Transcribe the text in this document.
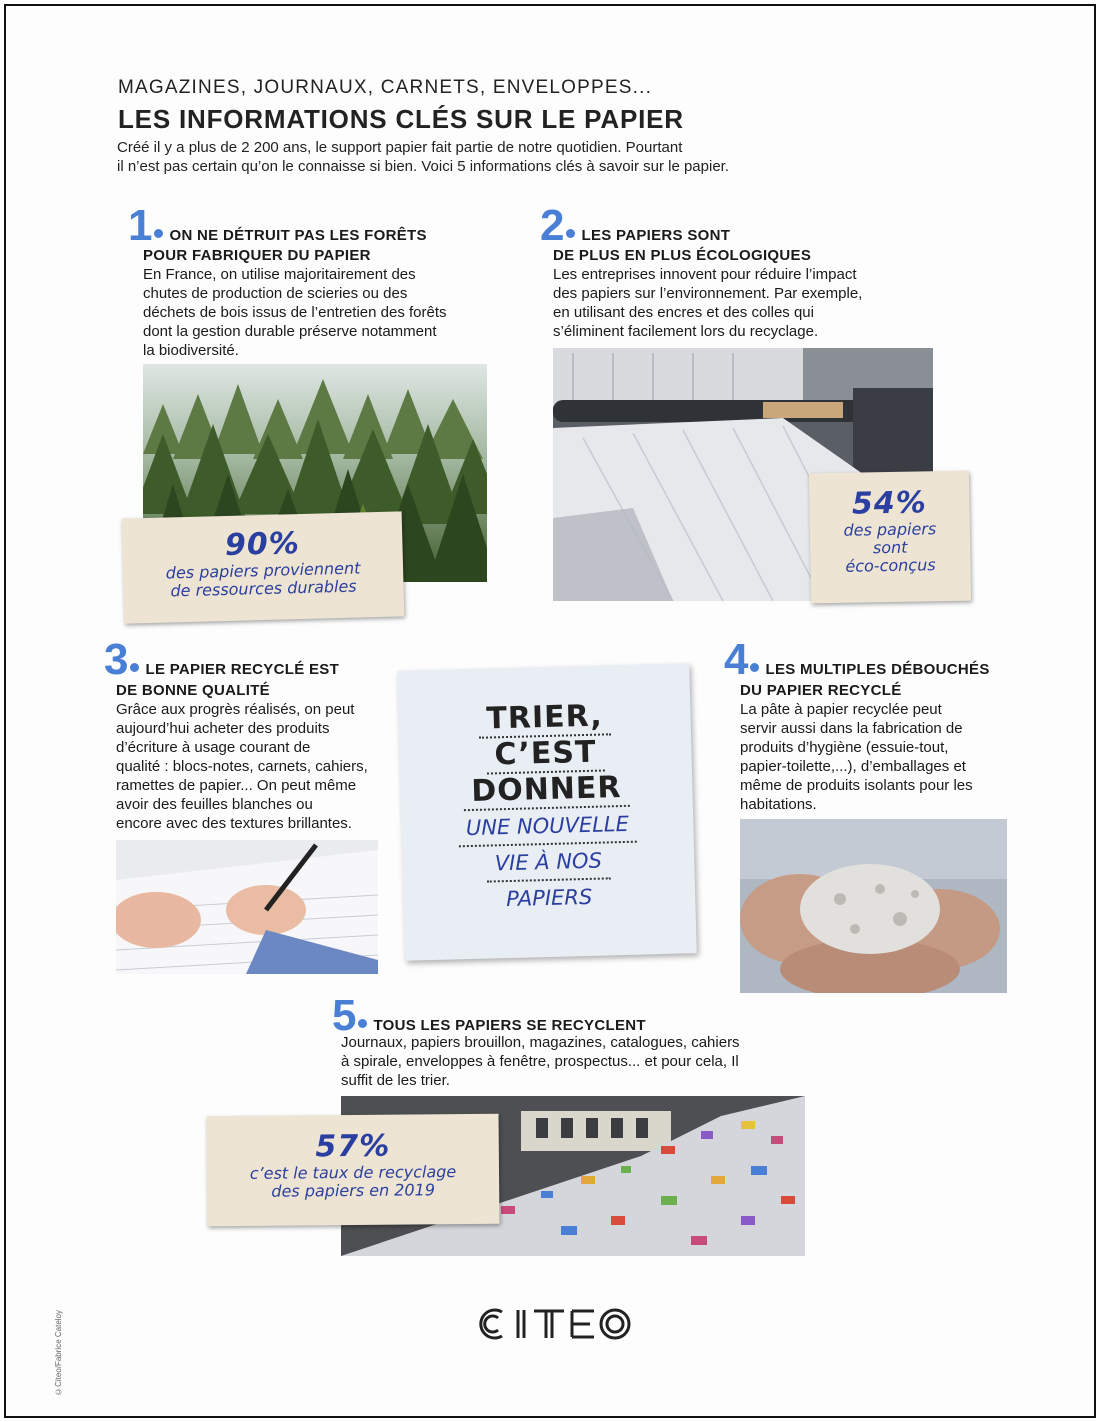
MAGAZINES, JOURNAUX, CARNETS, ENVELOPPES...
LES INFORMATIONS CLÉS SUR LE PAPIER
Créé il y a plus de 2 200 ans, le support papier fait partie de notre quotidien. Pourtant
il n’est pas certain qu’on le connaisse si bien. Voici 5 informations clés à savoir sur le papier.
1 ON NE DÉTRUIT PAS LES FORÊTS
POUR FABRIQUER DU PAPIER
En France, on utilise majoritairement des
chutes de production de scieries ou des
déchets de bois issus de l’entretien des forêts
dont la gestion durable préserve notamment
la biodiversité.
90%
des papiers proviennent
de ressources durables
2 LES PAPIERS SONT
DE PLUS EN PLUS ÉCOLOGIQUES
Les entreprises innovent pour réduire l’impact
des papiers sur l’environnement. Par exemple,
en utilisant des encres et des colles qui
s’éliminent facilement lors du recyclage.
54%
des papiers
sont
éco-conçus
3 LE PAPIER RECYCLÉ EST
DE BONNE QUALITÉ
Grâce aux progrès réalisés, on peut
aujourd’hui acheter des produits
d’écriture à usage courant de
qualité : blocs-notes, carnets, cahiers,
ramettes de papier... On peut même
avoir des feuilles blanches ou
encore avec des textures brillantes.
TRIER,
C’EST
DONNER
UNE NOUVELLE
VIE À NOS
PAPIERS
4 LES MULTIPLES DÉBOUCHÉS
DU PAPIER RECYCLÉ
La pâte à papier recyclée peut
servir aussi dans la fabrication de
produits d’hygiène (essuie-tout,
papier-toilette,...), d’emballages et
même de produits isolants pour les
habitations.
5 TOUS LES PAPIERS SE RECYCLENT
Journaux, papiers brouillon, magazines, catalogues, cahiers
à spirale, enveloppes à fenêtre, prospectus... et pour cela, Il
suffit de les trier.
57%
c’est le taux de recyclage
des papiers en 2019
©Citeo/Fabrice Cateloy
